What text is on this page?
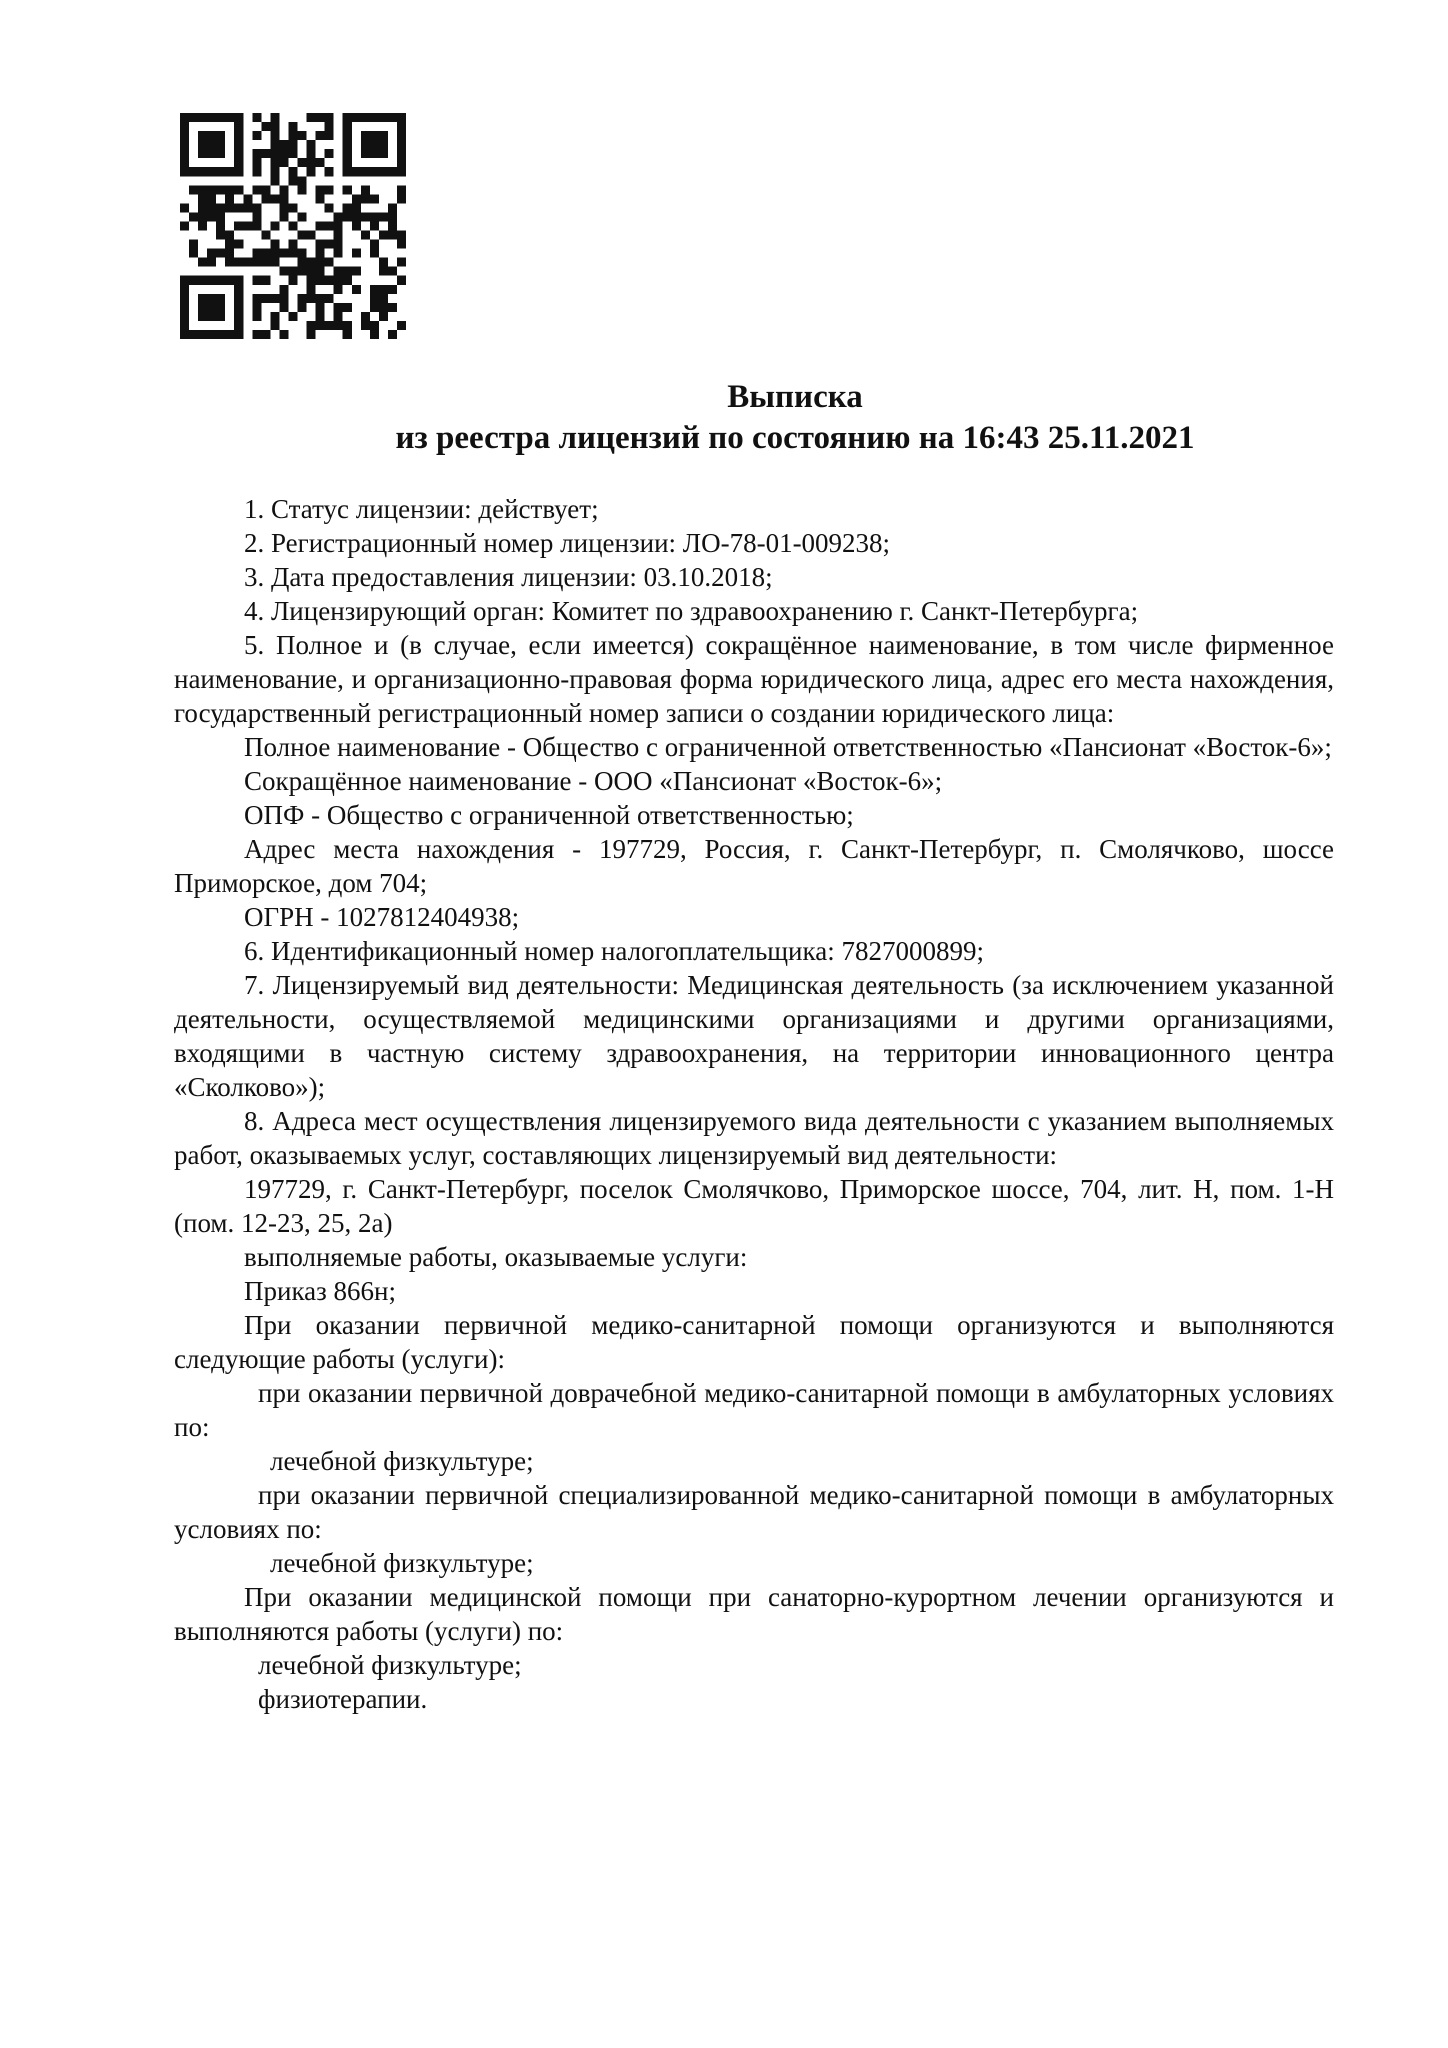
Выписка
из реестра лицензий по состоянию на 16:43 25.11.2021

1. Статус лицензии: действует;

2. Регистрационный номер лицензии: ЛО-78-01-009238;

3. Дата предоставления лицензии: 03.10.2018;

4. Лицензирующий орган: Комитет по здравоохранению г. Санкт-Петербурга;

5. Полное и (в случае, если имеется) сокращённое наименование, в том числе фирменное наименование, и организационно-правовая форма юридического лица, адрес его места нахождения, государственный регистрационный номер записи о создании юридического лица:

Полное наименование - Общество с ограниченной ответственностью «Пансионат «Восток-6»;

Сокращённое наименование - ООО «Пансионат «Восток-6»;

ОПФ - Общество с ограниченной ответственностью;

Адрес места нахождения - 197729, Россия, г. Санкт-Петербург, п. Смолячково, шоссе Приморское, дом 704;

ОГРН - 1027812404938;

6. Идентификационный номер налогоплательщика: 7827000899;

7. Лицензируемый вид деятельности: Медицинская деятельность (за исключением указанной деятельности, осуществляемой медицинскими организациями и другими организациями, входящими в частную систему здравоохранения, на территории инновационного центра «Сколково»);

8. Адреса мест осуществления лицензируемого вида деятельности с указанием выполняемых работ, оказываемых услуг, составляющих лицензируемый вид деятельности:

197729, г. Санкт-Петербург, поселок Смолячково, Приморское шоссе, 704, лит. Н, пом. 1-Н (пом. 12-23, 25, 2а)

выполняемые работы, оказываемые услуги:

Приказ 866н;

При оказании первичной медико-санитарной помощи организуются и выполняются следующие работы (услуги):

при оказании первичной доврачебной медико-санитарной помощи в амбулаторных условиях по:

лечебной физкультуре;

при оказании первичной специализированной медико-санитарной помощи в амбулаторных условиях по:

лечебной физкультуре;

При оказании медицинской помощи при санаторно-курортном лечении организуются и выполняются работы (услуги) по:

лечебной физкультуре;

физиотерапии.
